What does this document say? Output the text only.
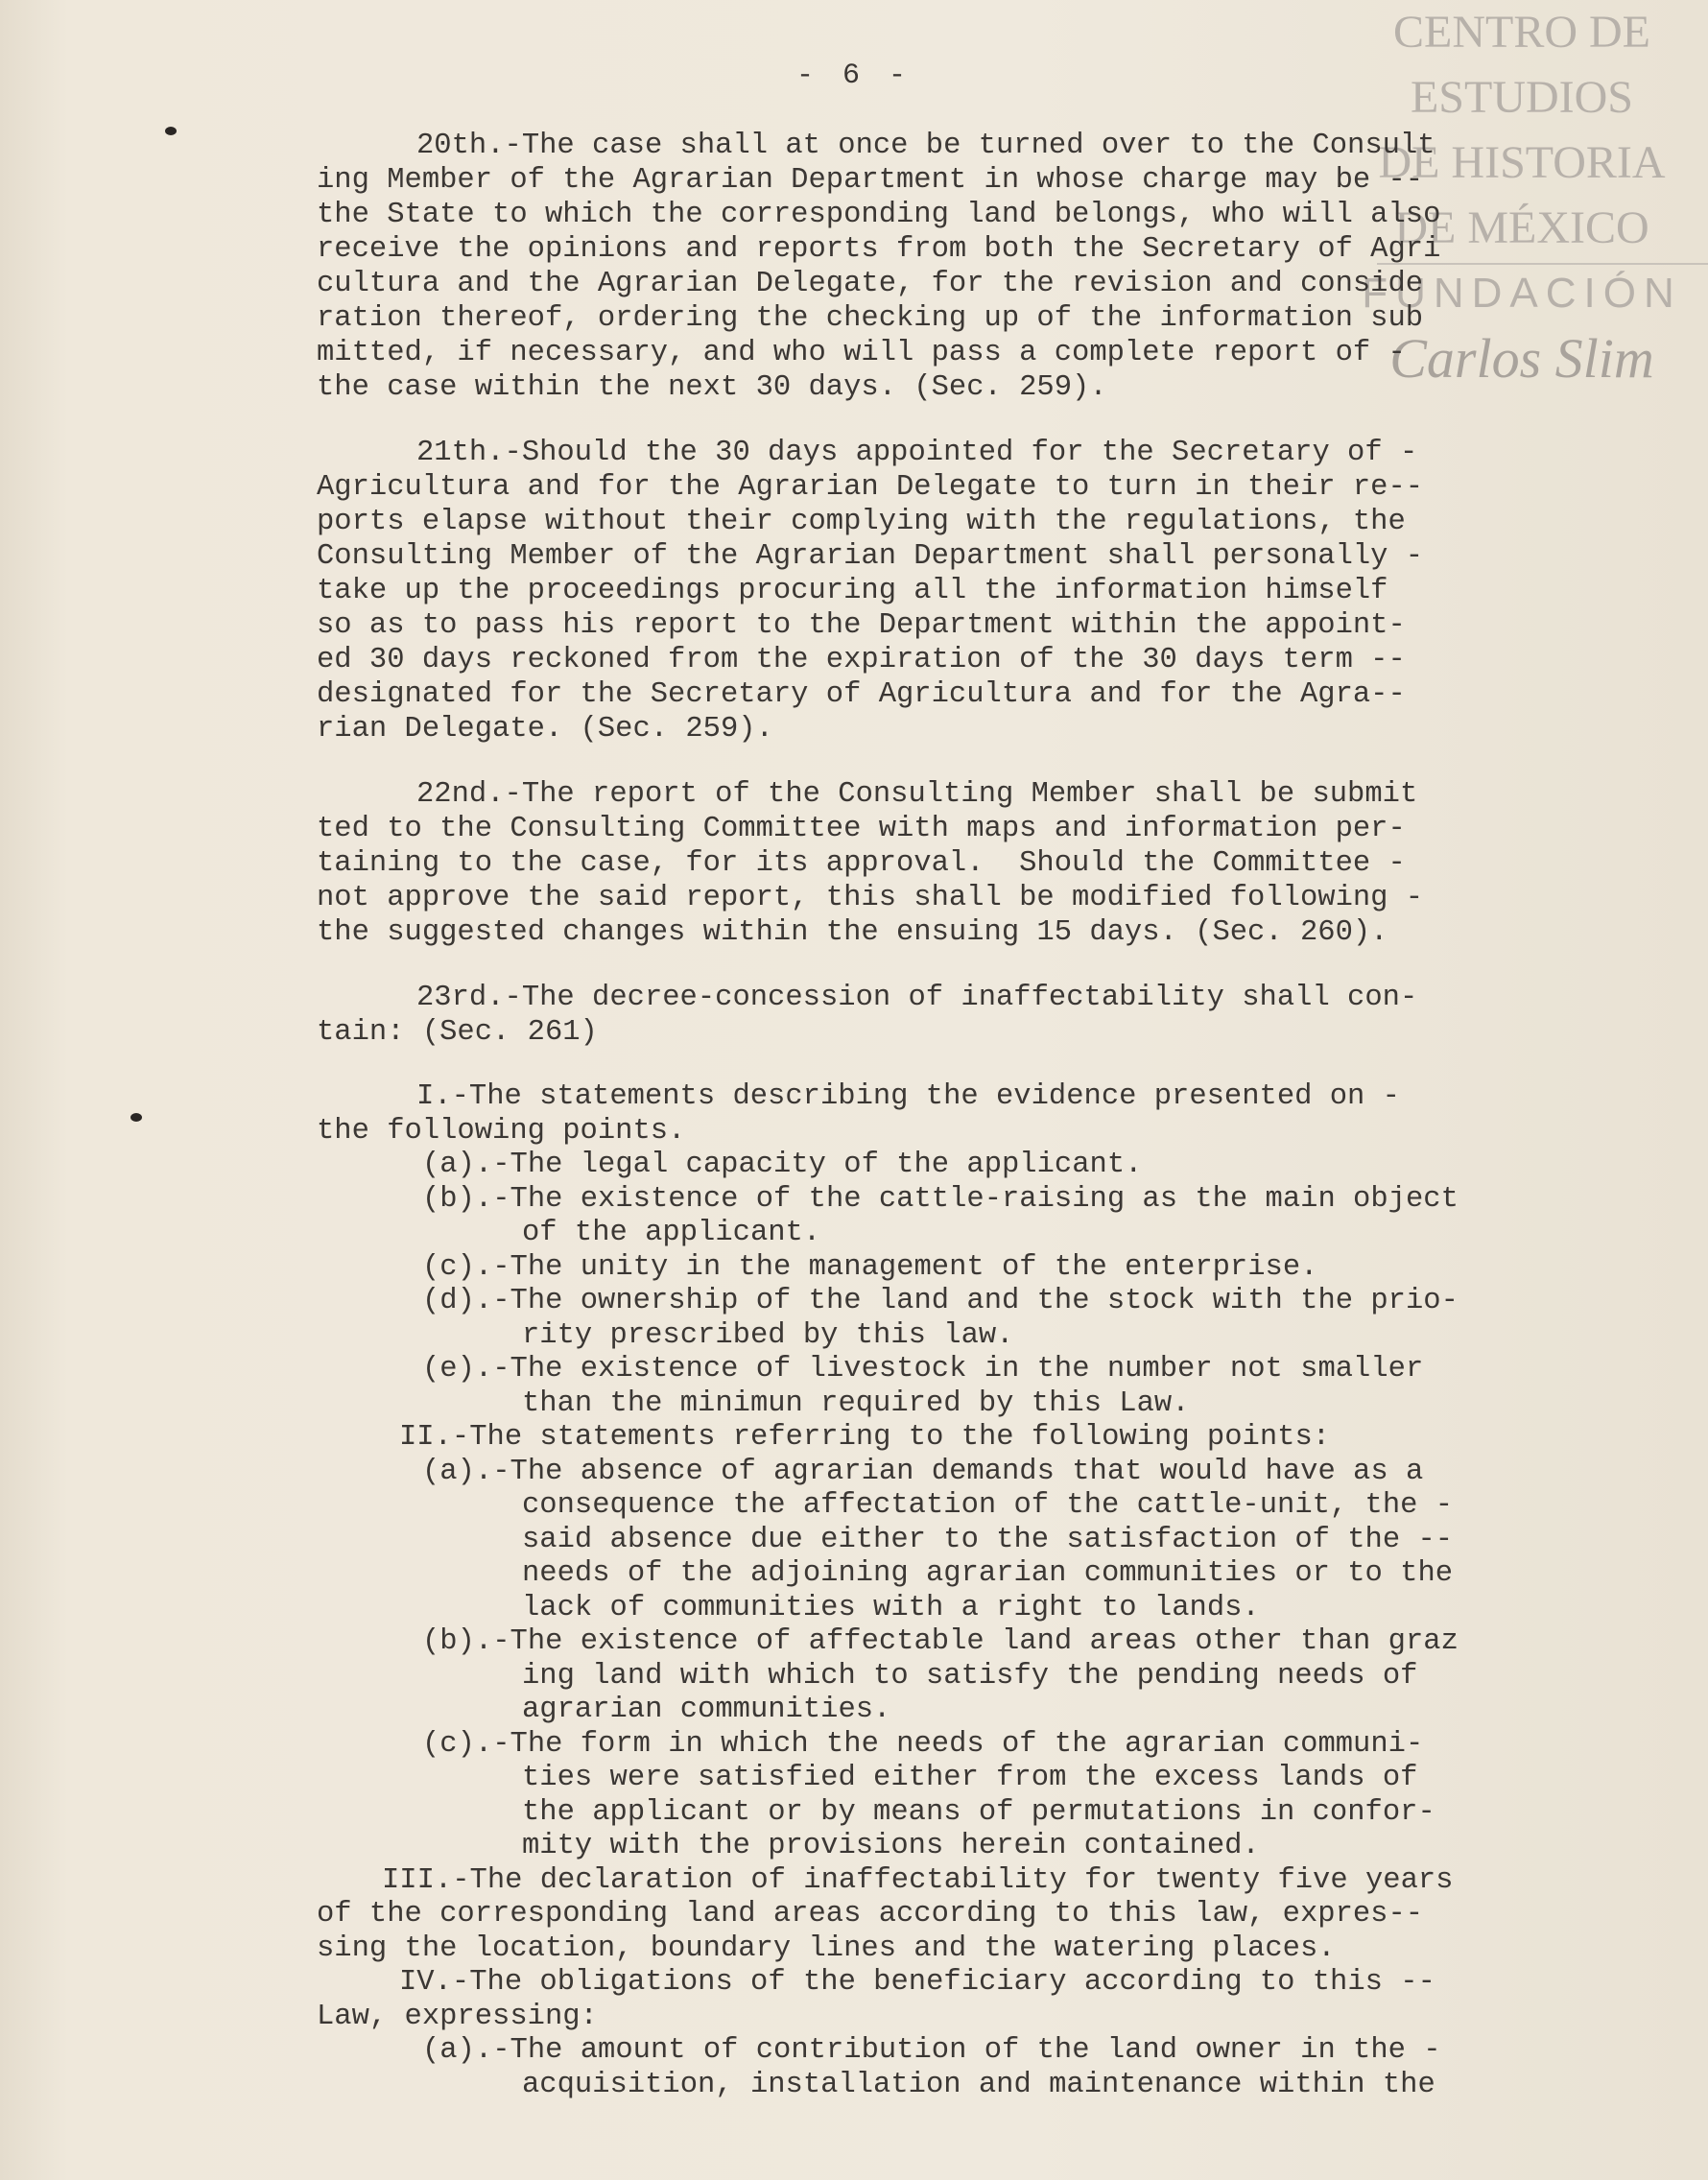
CENTRO DE
ESTUDIOS
DE HISTORIA
DE MÉXICO
FUNDACIÓN
Carlos Slim
- 6 -

20th.-The case shall at once be turned over to the Consult

ing Member of the Agrarian Department in whose charge may be --

the State to which the corresponding land belongs, who will also

receive the opinions and reports from both the Secretary of Agri

cultura and the Agrarian Delegate, for the revision and conside

ration thereof, ordering the checking up of the information sub

mitted, if necessary, and who will pass a complete report of -

the case within the next 30 days. (Sec. 259).

21th.-Should the 30 days appointed for the Secretary of -

Agricultura and for the Agrarian Delegate to turn in their re--

ports elapse without their complying with the regulations, the

Consulting Member of the Agrarian Department shall personally -

take up the proceedings procuring all the information himself

so as to pass his report to the Department within the appoint-

ed 30 days reckoned from the expiration of the 30 days term --

designated for the Secretary of Agricultura and for the Agra--

rian Delegate. (Sec. 259).

22nd.-The report of the Consulting Member shall be submit

ted to the Consulting Committee with maps and information per-

taining to the case, for its approval.  Should the Committee -

not approve the said report, this shall be modified following -

the suggested changes within the ensuing 15 days. (Sec. 260).

23rd.-The decree-concession of inaffectability shall con-

tain: (Sec. 261)

I.-The statements describing the evidence presented on -

the following points.

(a).-The legal capacity of the applicant.

(b).-The existence of the cattle-raising as the main object

of the applicant.

(c).-The unity in the management of the enterprise.

(d).-The ownership of the land and the stock with the prio-

rity prescribed by this law.

(e).-The existence of livestock in the number not smaller

than the minimun required by this Law.

II.-The statements referring to the following points:

(a).-The absence of agrarian demands that would have as a

consequence the affectation of the cattle-unit, the -

said absence due either to the satisfaction of the --

needs of the adjoining agrarian communities or to the

lack of communities with a right to lands.

(b).-The existence of affectable land areas other than graz

ing land with which to satisfy the pending needs of

agrarian communities.

(c).-The form in which the needs of the agrarian communi-

ties were satisfied either from the excess lands of

the applicant or by means of permutations in confor-

mity with the provisions herein contained.

III.-The declaration of inaffectability for twenty five years

of the corresponding land areas according to this law, expres--

sing the location, boundary lines and the watering places.

IV.-The obligations of the beneficiary according to this --

Law, expressing:

(a).-The amount of contribution of the land owner in the -

acquisition, installation and maintenance within the
